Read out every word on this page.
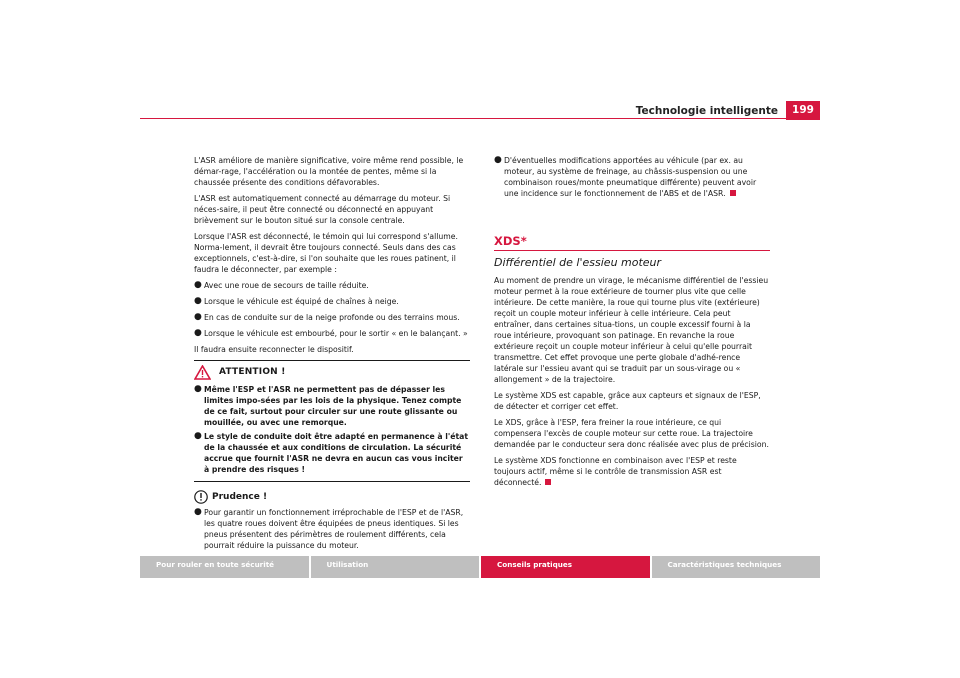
Technologie intelligente	199

L'ASR améliore de manière significative, voire même rend possible, le démar-rage, l'accélération ou la montée de pentes, même si la chaussée présente des conditions défavorables.

L'ASR est automatiquement connecté au démarrage du moteur. Si néces-saire, il peut être connecté ou déconnecté en appuyant brièvement sur le bouton situé sur la console centrale.

Lorsque l'ASR est déconnecté, le témoin qui lui correspond s'allume. Norma-lement, il devrait être toujours connecté. Seuls dans des cas exceptionnels, c'est-à-dire, si l'on souhaite que les roues patinent, il faudra le déconnecter, par exemple :

● Avec une roue de secours de taille réduite.
● Lorsque le véhicule est équipé de chaînes à neige.
● En cas de conduite sur de la neige profonde ou des terrains mous.
● Lorsque le véhicule est embourbé, pour le sortir « en le balançant. »

Il faudra ensuite reconnecter le dispositif.

ATTENTION !
● Même l'ESP et l'ASR ne permettent pas de dépasser les limites impo-sées par les lois de la physique. Tenez compte de ce fait, surtout pour circuler sur une route glissante ou mouillée, ou avec une remorque.
● Le style de conduite doit être adapté en permanence à l'état de la chaussée et aux conditions de circulation. La sécurité accrue que fournit l'ASR ne devra en aucun cas vous inciter à prendre des risques !
Prudence !
● Pour garantir un fonctionnement irréprochable de l'ESP et de l'ASR, les quatre roues doivent être équipées de pneus identiques. Si les pneus présentent des périmètres de roulement différents, cela pourrait réduire la puissance du moteur.
● D'éventuelles modifications apportées au véhicule (par ex. au moteur, au système de freinage, au châssis-suspension ou une combinaison roues/monte pneumatique différente) peuvent avoir une incidence sur le fonctionnement de l'ABS et de l'ASR.
XDS*
Différentiel de l'essieu moteur

Au moment de prendre un virage, le mécanisme différentiel de l'essieu moteur permet à la roue extérieure de tourner plus vite que celle intérieure. De cette manière, la roue qui tourne plus vite (extérieure) reçoit un couple moteur inférieur à celle intérieure. Cela peut entraîner, dans certaines situa-tions, un couple excessif fourni à la roue intérieure, provoquant son patinage. En revanche la roue extérieure reçoit un couple moteur inférieur à celui qu'elle pourrait transmettre. Cet effet provoque une perte globale d'adhé-rence latérale sur l'essieu avant qui se traduit par un sous-virage ou « allongement » de la trajectoire.

Le système XDS est capable, grâce aux capteurs et signaux de l'ESP, de détecter et corriger cet effet.

Le XDS, grâce à l'ESP, fera freiner la roue intérieure, ce qui compensera l'excès de couple moteur sur cette roue. La trajectoire demandée par le conducteur sera donc réalisée avec plus de précision.

Le système XDS fonctionne en combinaison avec l'ESP et reste toujours actif, même si le contrôle de transmission ASR est déconnecté.

Pour rouler en toute sécurité	Utilisation	Conseils pratiques	Caractéristiques techniques
